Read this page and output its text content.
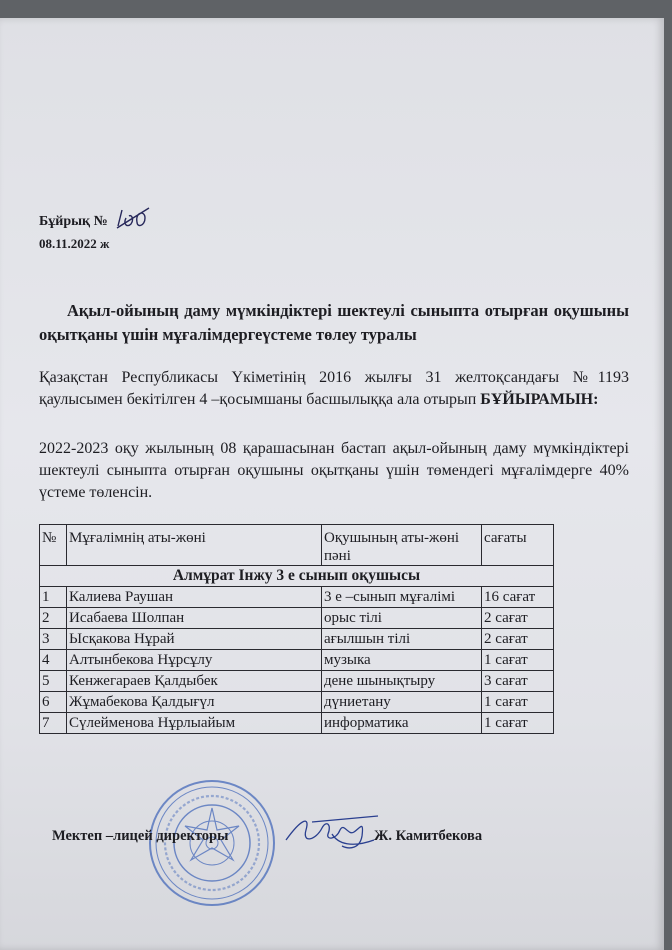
Бұйрық №
08.11.2022 ж
Ақыл-ойының даму мүмкіндіктері шектеулі сыныпта отырған оқушыны оқытқаны үшін мұғалімдергеүстеме төлеу туралы
Қазақстан Республикасы Үкіметінің 2016 жылғы 31 желтоқсандағы №1193 қаулысымен бекітілген 4 –қосымшаны басшылыққа ала отырып БҰЙЫРАМЫН:
2022-2023 оқу жылының 08 қарашасынан бастап ақыл-ойының даму мүмкіндіктері шектеулі сыныпта отырған оқушыны оқытқаны үшін төмендегі мұғалімдерге 40% үстеме төленсін.
№	Мұғалімнің аты-жөні	Оқушының аты-жөні пәні	сағаты
Алмұрат Інжу 3 е сынып оқушысы			
1	Калиева Раушан	3 е –сынып мұғалімі	16 сағат
2	Исабаева Шолпан	орыс тілі	2 сағат
3	Ысқакова Нұрай	ағылшын тілі	2 сағат
4	Алтынбекова Нұрсұлу	музыка	1 сағат
5	Кенжегараев Қалдыбек	дене шынықтыру	3 сағат
6	Жұмабекова Қалдығүл	дүниетану	1 сағат
7	Сүлейменова Нұрлыайым	информатика	1 сағат
Мектеп –лицей директоры	Ж. Камитбекова
